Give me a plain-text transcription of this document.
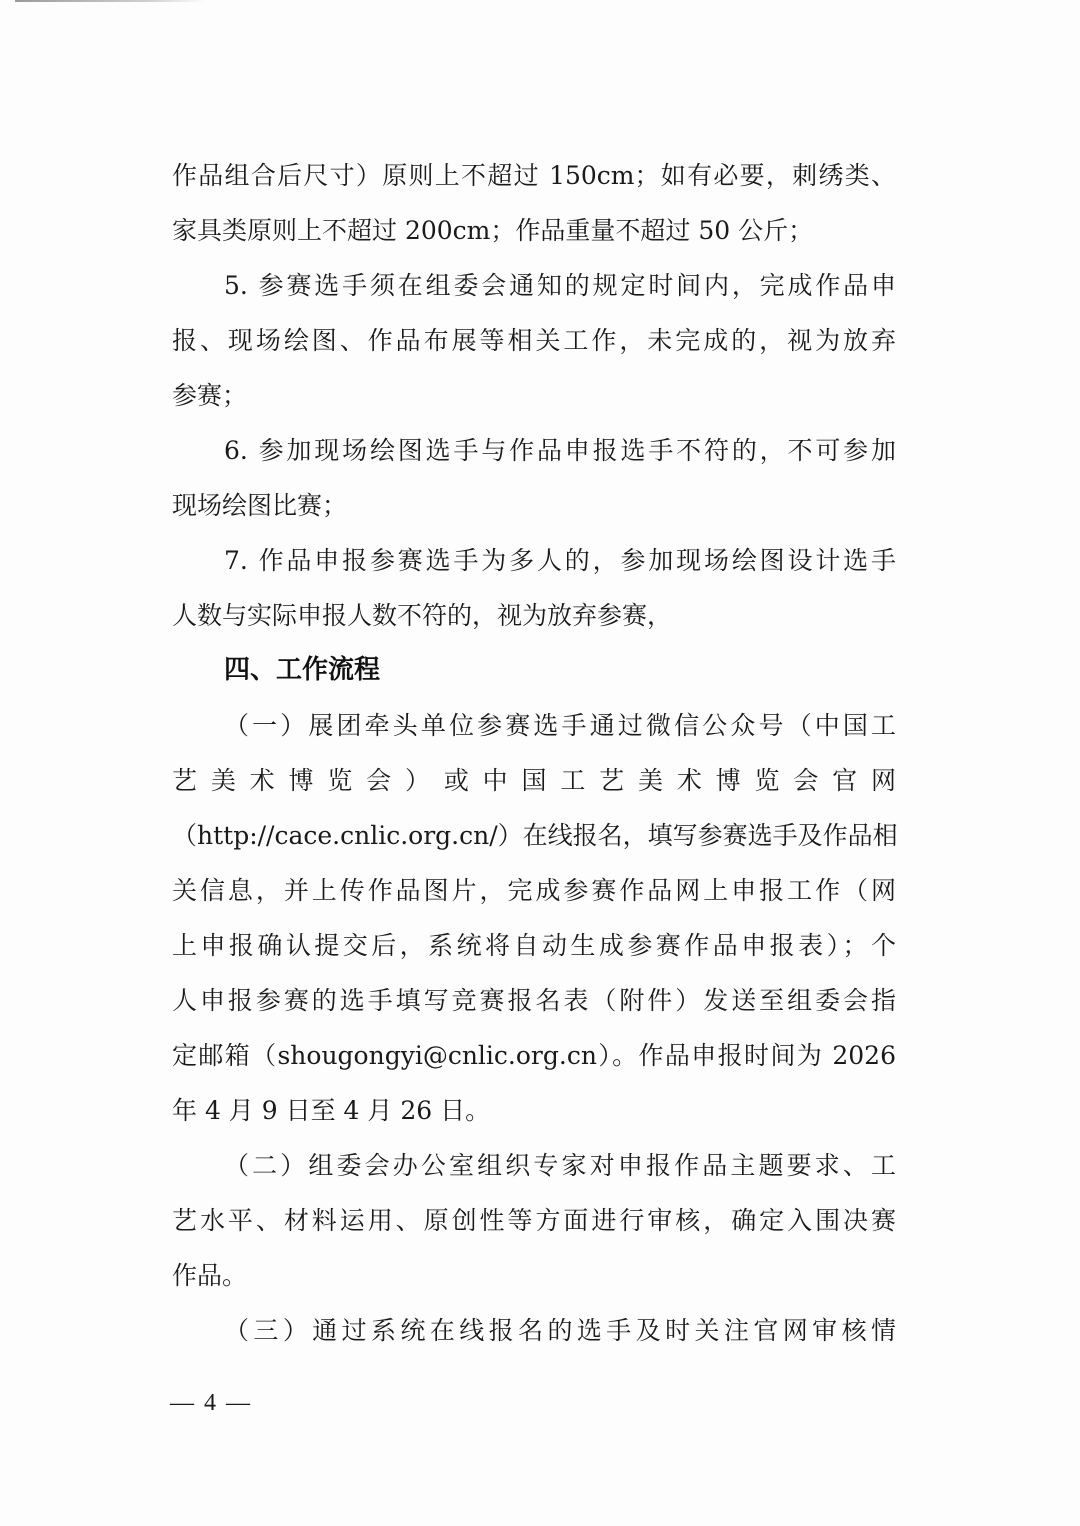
作品组合后尺寸）原则上不超过 150cm；如有必要，刺绣类、
家具类原则上不超过 200cm；作品重量不超过 50 公斤；
5. 参赛选手须在组委会通知的规定时间内，完成作品申
报、现场绘图、作品布展等相关工作，未完成的，视为放弃
参赛；
6. 参加现场绘图选手与作品申报选手不符的，不可参加
现场绘图比赛；
7. 作品申报参赛选手为多人的，参加现场绘图设计选手
人数与实际申报人数不符的，视为放弃参赛，
四、工作流程
（一）展团牵头单位参赛选手通过微信公众号（中国工
艺美术博览会）或中国工艺美术博览会官网
（http://cace.cnlic.org.cn/）在线报名，填写参赛选手及作品相
关信息，并上传作品图片，完成参赛作品网上申报工作（网
上申报确认提交后，系统将自动生成参赛作品申报表）；个
人申报参赛的选手填写竞赛报名表（附件）发送至组委会指
定邮箱（shougongyi@cnlic.org.cn）。作品申报时间为 2026
年 4 月 9 日至 4 月 26 日。
（二）组委会办公室组织专家对申报作品主题要求、工
艺水平、材料运用、原创性等方面进行审核，确定入围决赛
作品。
（三）通过系统在线报名的选手及时关注官网审核情
— 4 —
